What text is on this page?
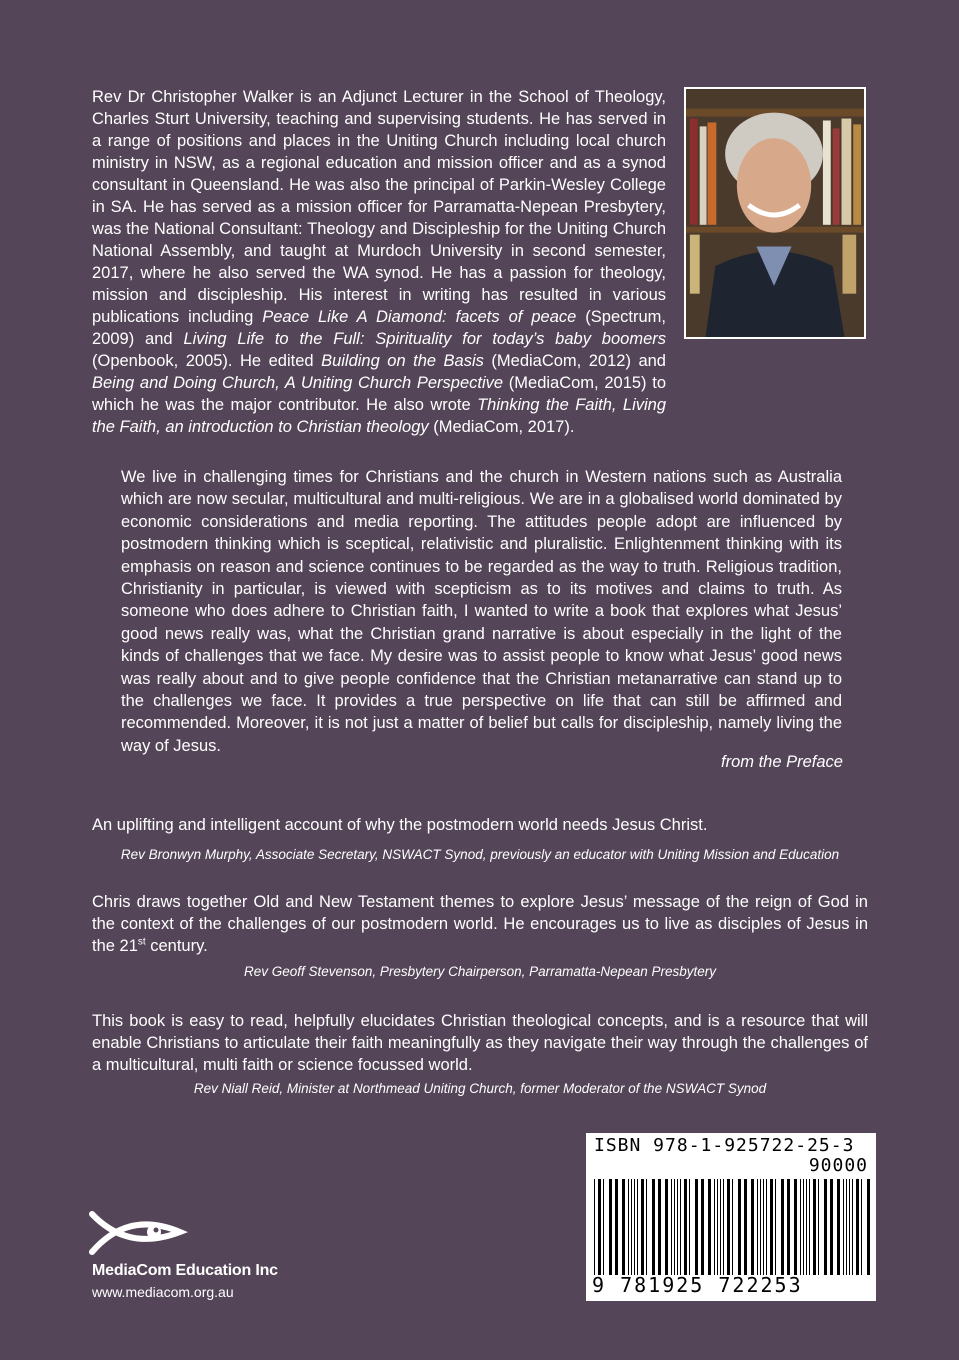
Rev Dr Christopher Walker is an Adjunct Lecturer in the School of Theology, Charles Sturt University, teaching and supervising students. He has served in a range of positions and places in the Uniting Church including local church ministry in NSW, as a regional education and mission officer and as a synod consultant in Queensland. He was also the principal of Parkin-Wesley College in SA. He has served as a mission officer for Parramatta-Nepean Presbytery, was the National Consultant: Theology and Discipleship for the Uniting Church National Assembly, and taught at Murdoch University in second semester, 2017, where he also served the WA synod. He has a passion for theology, mission and discipleship. His interest in writing has resulted in various publications including Peace Like A Diamond: facets of peace (Spectrum, 2009) and Living Life to the Full: Spirituality for today’s baby boomers (Openbook, 2005). He edited Building on the Basis (MediaCom, 2012) and Being and Doing Church, A Uniting Church Perspective (MediaCom, 2015) to which he was the major contributor. He also wrote Thinking the Faith, Living the Faith, an introduction to Christian theology (MediaCom, 2017).

We live in challenging times for Christians and the church in Western nations such as Australia which are now secular, multicultural and multi-religious. We are in a globalised world dominated by economic considerations and media reporting. The attitudes people adopt are influenced by postmodern thinking which is sceptical, relativistic and pluralistic. Enlightenment thinking with its emphasis on reason and science continues to be regarded as the way to truth. Religious tradition, Christianity in particular, is viewed with scepticism as to its motives and claims to truth. As someone who does adhere to Christian faith, I wanted to write a book that explores what Jesus’ good news really was, what the Christian grand narrative is about especially in the light of the kinds of challenges that we face. My desire was to assist people to know what Jesus’ good news was really about and to give people confidence that the Christian metanarrative can stand up to the challenges we face. It provides a true perspective on life that can still be affirmed and recommended. Moreover, it is not just a matter of belief but calls for discipleship, namely living the way of Jesus.

from the Preface

An uplifting and intelligent account of why the postmodern world needs Jesus Christ.

Rev Bronwyn Murphy, Associate Secretary, NSWACT Synod, previously an educator with Uniting Mission and Education

Chris draws together Old and New Testament themes to explore Jesus’ message of the reign of God in the context of the challenges of our postmodern world. He encourages us to live as disciples of Jesus in the 21st century.

Rev Geoff Stevenson, Presbytery Chairperson, Parramatta-Nepean Presbytery

This book is easy to read, helpfully elucidates Christian theological concepts, and is a resource that will enable Christians to articulate their faith meaningfully as they navigate their way through the challenges of a multicultural, multi faith or science focussed world.

Rev Niall Reid, Minister at Northmead Uniting Church, former Moderator of the NSWACT Synod
ISBN 978-1-925722-25-3
90000
9 781925 722253
MediaCom Education Inc
www.mediacom.org.au
